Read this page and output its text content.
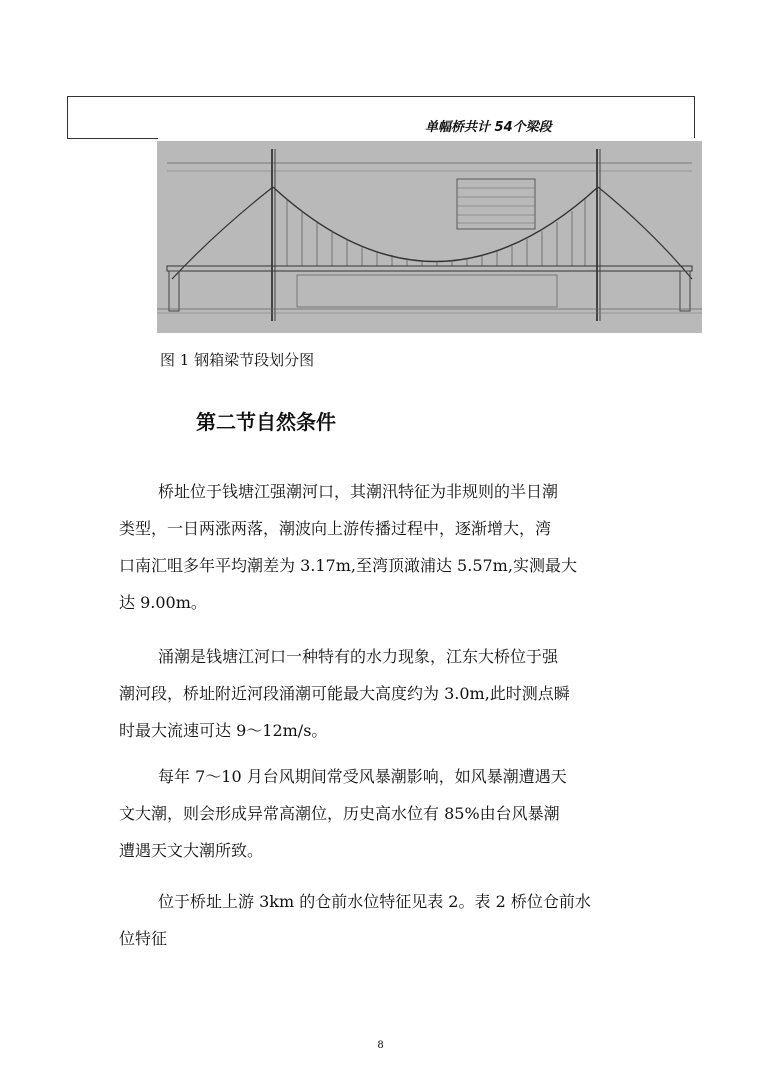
单幅桥共计 54个梁段
图 1 钢箱梁节段划分图
第二节自然条件
桥址位于钱塘江强潮河口，其潮汛特征为非规则的半日潮
类型，一日两涨两落，潮波向上游传播过程中，逐渐增大，湾
口南汇咀多年平均潮差为 3.17m,至湾顶澉浦达 5.57m,实测最大
达 9.00m。
涌潮是钱塘江河口一种特有的水力现象，江东大桥位于强
潮河段，桥址附近河段涌潮可能最大高度约为 3.0m,此时测点瞬
时最大流速可达 9～12m/s。
每年 7～10 月台风期间常受风暴潮影响，如风暴潮遭遇天
文大潮，则会形成异常高潮位，历史高水位有 85%由台风暴潮
遭遇天文大潮所致。
位于桥址上游 3km 的仓前水位特征见表 2。表 2 桥位仓前水
位特征
8
